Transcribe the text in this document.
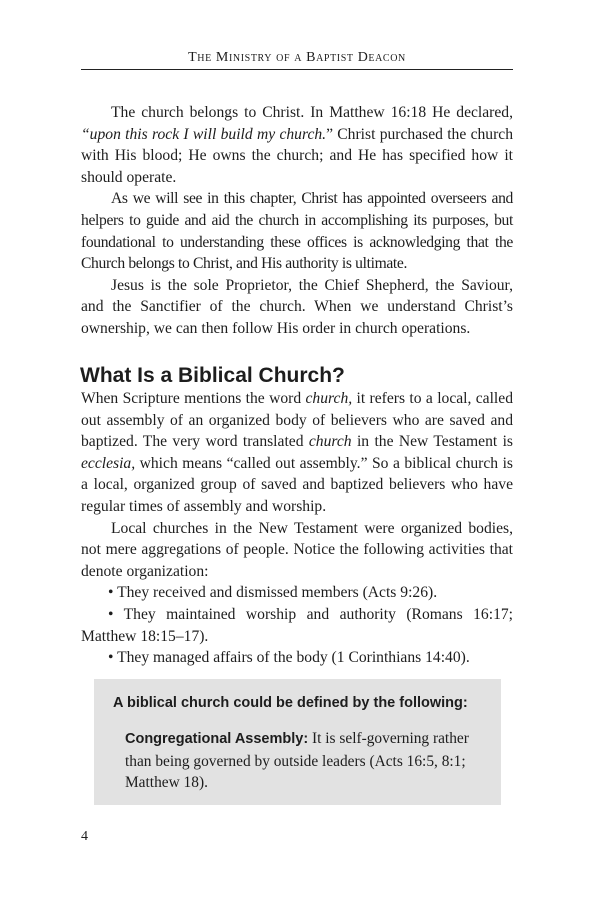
The Ministry of a Baptist Deacon

The church belongs to Christ. In Matthew 16:18 He declared, “upon this rock I will build my church.” Christ purchased the church with His blood; He owns the church; and He has specified how it should operate.

As we will see in this chapter, Christ has appointed overseers and helpers to guide and aid the church in accomplishing its purposes, but foundational to understanding these offices is acknowledging that the Church belongs to Christ, and His authority is ultimate.

Jesus is the sole Proprietor, the Chief Shepherd, the Saviour, and the Sanctifier of the church. When we understand Christ’s ownership, we can then follow His order in church operations.

What Is a Biblical Church?

When Scripture mentions the word church, it refers to a local, called out assembly of an organized body of believers who are saved and baptized. The very word translated church in the New Testament is ecclesia, which means “called out assembly.” So a biblical church is a local, organized group of saved and baptized believers who have regular times of assembly and worship.

Local churches in the New Testament were organized bodies, not mere aggregations of people. Notice the following activities that denote organization:

• They received and dismissed members (Acts 9:26).

• They maintained worship and authority (Romans 16:17; Matthew 18:15–17).

• They managed affairs of the body (1 Corinthians 14:40).

A biblical church could be defined by the following:

Congregational Assembly: It is self-governing rather than being governed by outside leaders (Acts 16:5, 8:1; Matthew 18).

4
